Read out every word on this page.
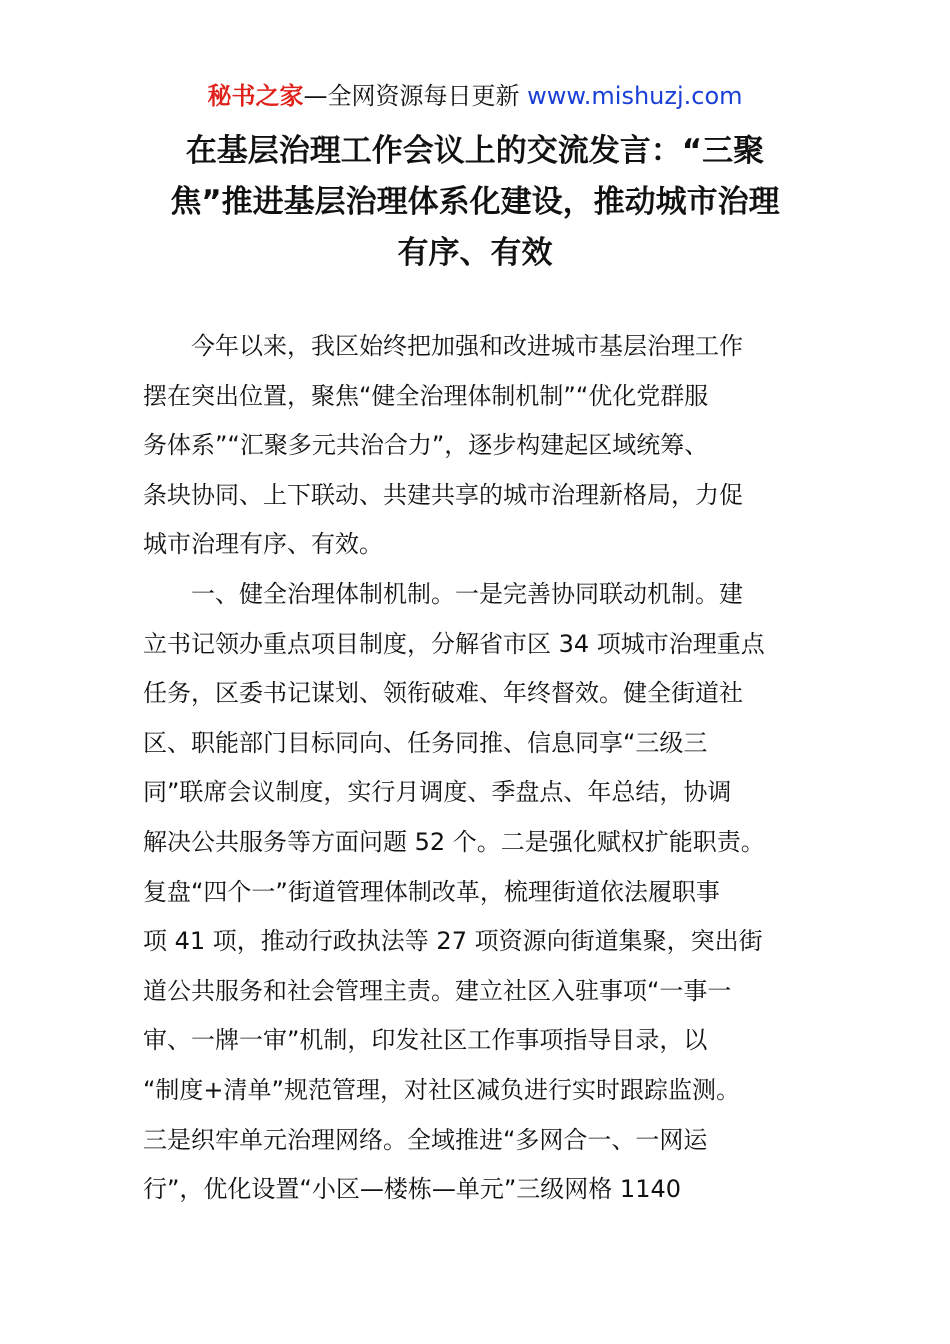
秘书之家—全网资源每日更新 www.mishuzj.com
在基层治理工作会议上的交流发言：“三聚
焦”推进基层治理体系化建设，推动城市治理
有序、有效
　　今年以来，我区始终把加强和改进城市基层治理工作
摆在突出位置，聚焦“健全治理体制机制”“优化党群服
务体系”“汇聚多元共治合力”，逐步构建起区域统筹、
条块协同、上下联动、共建共享的城市治理新格局，力促
城市治理有序、有效。
　　一、健全治理体制机制。一是完善协同联动机制。建
立书记领办重点项目制度，分解省市区 34 项城市治理重点
任务，区委书记谋划、领衔破难、年终督效。健全街道社
区、职能部门目标同向、任务同推、信息同享“三级三
同”联席会议制度，实行月调度、季盘点、年总结，协调
解决公共服务等方面问题 52 个。二是强化赋权扩能职责。
复盘“四个一”街道管理体制改革，梳理街道依法履职事
项 41 项，推动行政执法等 27 项资源向街道集聚，突出街
道公共服务和社会管理主责。建立社区入驻事项“一事一
审、一牌一审”机制，印发社区工作事项指导目录，以
“制度+清单”规范管理，对社区减负进行实时跟踪监测。
三是织牢单元治理网络。全域推进“多网合一、一网运
行”，优化设置“小区—楼栋—单元”三级网格 1140
